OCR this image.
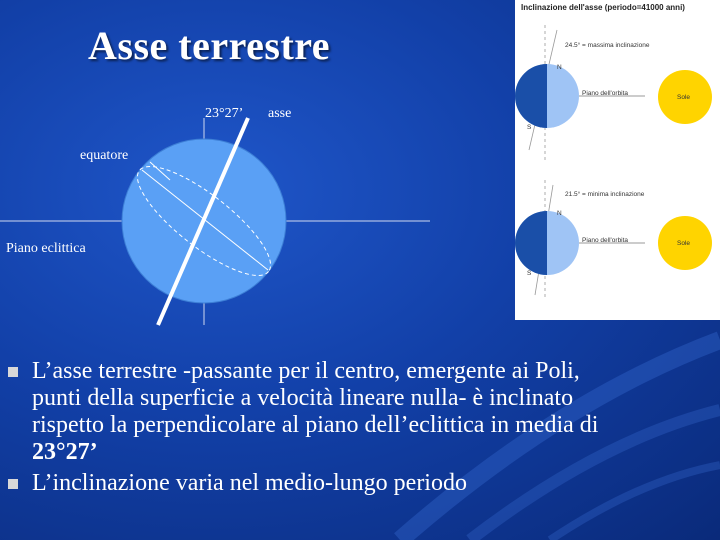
Asse terrestre
23°27’ asse
equatore
Piano eclittica
Inclinazione dell'asse (periodo=41000 anni)
24.5° = massima inclinazione
N
S
Piano dell'orbita
Sole
21.5° = minima inclinazione
N
S
Piano dell'orbita	Sole
L’asse terrestre -passante per il centro, emergente ai Poli,
punti della superficie a velocità lineare nulla- è inclinato
rispetto la perpendicolare al piano dell’eclittica in media di
23°27’
L’inclinazione varia nel medio-lungo periodo
